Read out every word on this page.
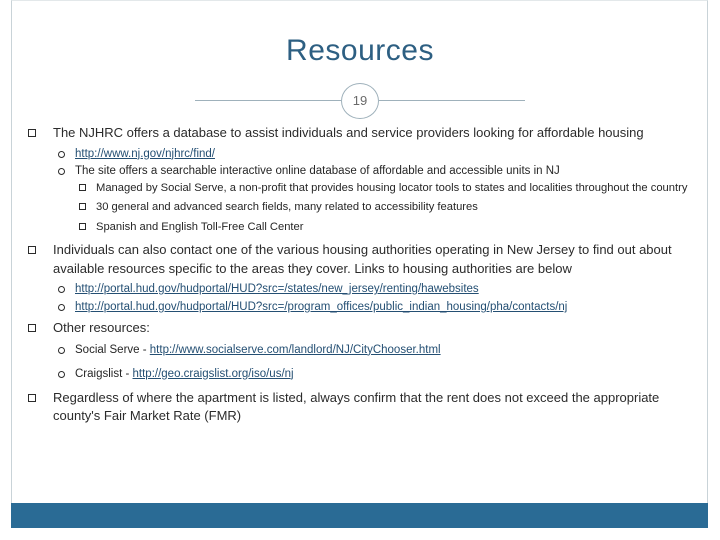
Resources
19
The NJHRC offers a database to assist individuals and service providers looking for affordable housing
http://www.nj.gov/njhrc/find/
The site offers a searchable interactive online database of affordable and accessible units in NJ
Managed by Social Serve, a non-profit that provides housing locator tools to states and localities throughout the country
30 general and advanced search fields, many related to accessibility features
Spanish and English Toll-Free Call Center
Individuals can also contact one of the various housing authorities operating in New Jersey to find out about available resources specific to the areas they cover. Links to housing authorities are below
http://portal.hud.gov/hudportal/HUD?src=/states/new_jersey/renting/hawebsites
http://portal.hud.gov/hudportal/HUD?src=/program_offices/public_indian_housing/pha/contacts/nj
Other resources:
Social Serve - http://www.socialserve.com/landlord/NJ/CityChooser.html
Craigslist - http://geo.craigslist.org/iso/us/nj
Regardless of where the apartment is listed, always confirm that the rent does not exceed the appropriate county's Fair Market Rate (FMR)
